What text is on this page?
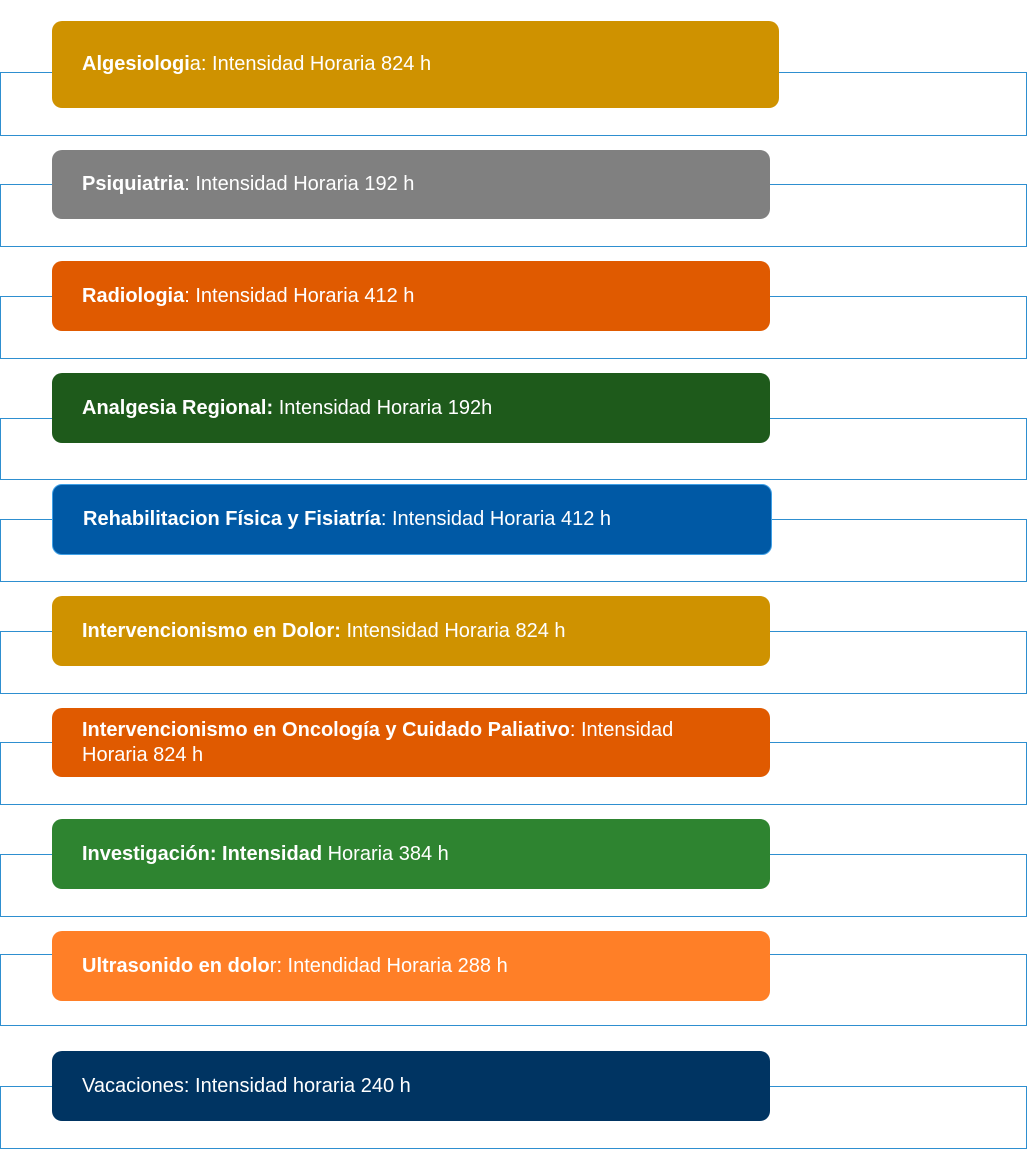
Algesiologia: Intensidad Horaria 824 h
Psiquiatria: Intensidad Horaria 192 h
Radiologia: Intensidad Horaria 412 h
Analgesia Regional: Intensidad Horaria 192h
Rehabilitacion Física y Fisiatría: Intensidad Horaria 412 h
Intervencionismo en Dolor: Intensidad Horaria 824 h
Intervencionismo en Oncología y Cuidado Paliativo: Intensidad Horaria 824 h
Investigación: Intensidad Horaria 384 h
Ultrasonido en dolor: Intendidad Horaria 288 h
Vacaciones: Intensidad horaria 240 h
